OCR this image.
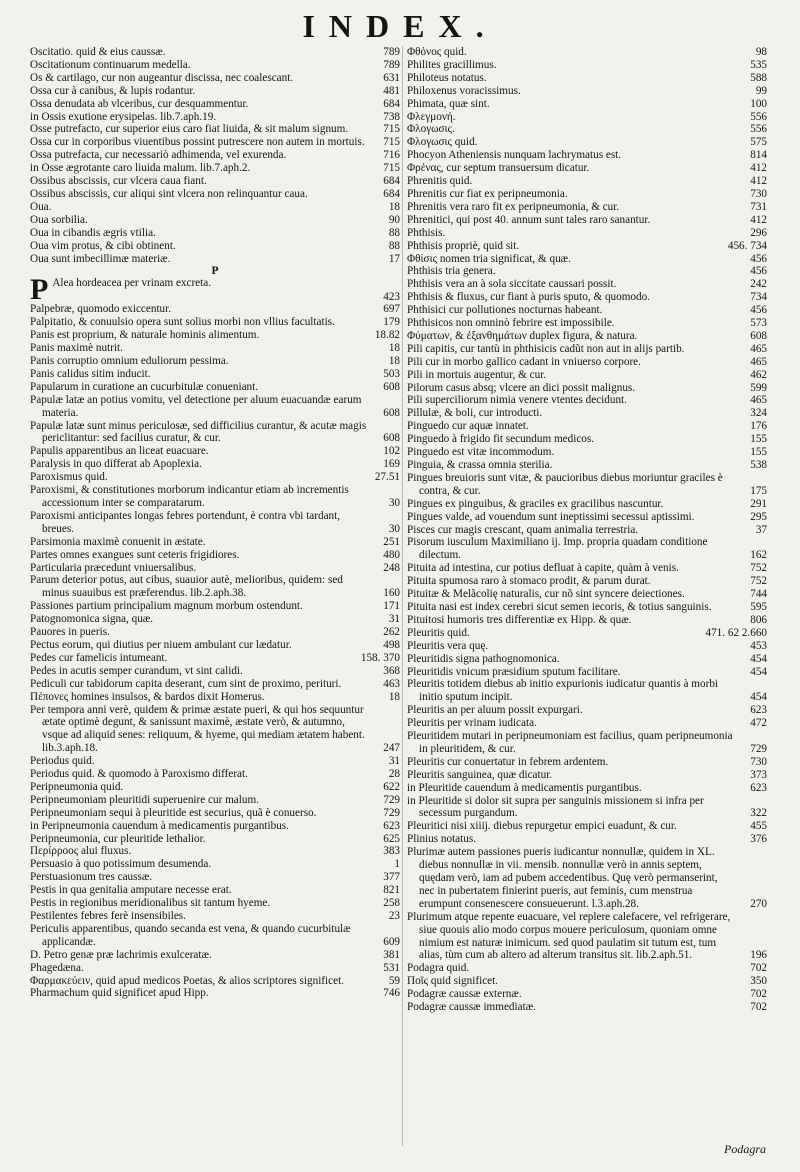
INDEX.
Oscitatio. quid & eius caussæ.	789
Oscitationum continuarum medella.	789
Os & cartilago, cur non augeantur discissa, nec coalescant.	631
Ossa cur à canibus, & lupis rodantur.	481
Ossa denudata ab vlceribus, cur desquammentur.	684
in Ossis exutione erysipelas. lib.7.aph.19.	738
Osse putrefacto, cur superior eius caro fiat liuida, & sit malum signum.	715
Ossa cur in corporibus viuentibus possint putrescere non autem in mortuis.	715
Ossa putrefacta, cur necessariò adhimenda, vel exurenda.	716
in Osse ægrotante caro liuida malum. lib.7.aph.2.	715
Ossibus abscissis, cur vlcera caua fiant.	684
Ossibus abscissis, cur aliqui sint vlcera non relinquantur caua.	684
Oua.	18
Oua sorbilia.	90
Oua in cibandis ægris vtilia.	88
Oua vim protus, & cibi obtinent.	88
Oua sunt imbecillimæ materiæ.	17
P
P Alea hordeacea per vrinam excreta.
423
Palpebræ, quomodo exiccentur.	697
Palpitatio, & conuulsio opera sunt solius morbi non vllius facultatis.	179
Panis est proprium, & naturale hominis alimentum.	18.82
Panis maximè nutrit.	18
Panis corruptio omnium eduliorum pessima.	18
Panis calidus sitim inducit.	503
Papularum in curatione an cucurbitulæ conueniant.	608
Papulæ latæ an potius vomitu, vel detectione per aluum euacuandæ earum materia.	608
Papulæ latæ sunt minus periculosæ, sed difficilius curantur, & acutæ magis periclitantur: sed facilius curatur, & cur.	608
Papulis apparentibus an liceat euacuare.	102
Paralysis in quo differat ab Apoplexia.	169
Paroxismus quid.	27.51
Paroxismi, & constitutiones morborum indicantur etiam ab incrementis accessionum inter se comparatarum.	30
Paroxismi anticipantes longas febres portendunt, è contra vbi tardant, breues.	30
Parsimonia maximè conuenit in æstate.	251
Partes omnes exangues sunt ceteris frigidiores.	480
Particularia præcedunt vniuersalibus.	248
Parum deterior potus, aut cibus, suauior autè, melioribus, quidem: sed minus suauibus est præferendus. lib.2.aph.38.	160
Passiones partium principalium magnum morbum ostendunt.	171
Patognomonica signa, quæ.	31
Pauores in pueris.	262
Pectus eorum, qui diutius per niuem ambulant cur lædatur.	498
Pedes cur famelicis intumeant.	158. 370
Pedes in acutis semper curandum, vt sint calidi.	368
Pediculi cur tabidorum capita deserant, cum sint de proximo, perituri.	463
Πέπονες homines insulsos, & bardos dixit Homerus.	18
Per tempora anni verè, quidem & primæ æstate pueri, & qui hos sequuntur ætate optimè degunt, & sanissunt maximè, æstate verò, & autumno, vsque ad aliquid senes: reliquum, & hyeme, qui mediam ætatem habent. lib.3.aph.18.	247
Periodus quid.	31
Periodus quid. & quomodo à Paroxismo differat.	28
Peripneumonia quid.	622
Peripneumoniam pleuritidi superuenire cur malum.	729
Peripneumoniam sequi à pleuritide est securius, quã è conuerso.	729
in Peripneumonia cauendum à medicamentis purgantibus.	623
Peripneumonia, cur pleuritide lethalior.	625
Περίρροος alui fluxus.	383
Persuasio à quo potissimum desumenda.	1
Perstuasionum tres caussæ.	377
Pestis in qua genitalia amputare necesse erat.	821
Pestis in regionibus meridionalibus sit tantum hyeme.	258
Pestilentes febres ferè insensibiles.	23
Periculis apparentibus, quando secanda est vena, & quando cucurbitulæ applicandæ.	609
D. Petro genæ præ lachrimis exulceratæ.	381
Phagedæna.	531
Φαρμακεύειν, quid apud medicos Poetas, & alios scriptores significet.	59
Pharmachum quid significet apud Hipp.	746
Φθόνος quid.	98
Philites gracillimus.	535
Philoteus notatus.	588
Philoxenus voracissimus.	99
Phimata, quæ sint.	100
Φλεγμονή.	556
Φλογωσις.	556
Φλογωσις quid.	575
Phocyon Atheniensis nunquam lachrymatus est.	814
Φρένας, cur septum transuersum dicatur.	412
Phrenitis quid.	412
Phrenitis cur fiat ex peripneumonia.	730
Phrenitis vera raro fit ex peripneumonia, & cur.	731
Phrenitici, qui post 40. annum sunt tales raro sanantur.	412
Phthisis.	296
Phthisis propriè, quid sit.	456. 734
Φθίσις nomen tria significat, & quæ.	456
Phthisis tria genera.	456
Phthisis vera an à sola siccitate caussari possit.	242
Phthisis & fluxus, cur fiant à puris sputo, & quomodo.	734
Phthisici cur pollutiones nocturnas habeant.	456
Phthisicos non omninò febrire est impossibile.	573
Φύματων, & ἐξανθημάτων duplex figura, & natura.	608
Pili capitis, cur tantù in phthisicis cadũt non aut in alijs partib.	465
Pili cur in morbo gallico cadant in vniuerso corpore.	465
Pili in mortuis augentur, & cur.	462
Pilorum casus absq; vlcere an dici possit malignus.	599
Pili superciliorum nimia venere vtentes decidunt.	465
Pillulæ, & boli, cur introducti.	324
Pinguedo cur aquæ innatet.	176
Pinguedo à frigido fit secundum medicos.	155
Pinguedo est vitæ incommodum.	155
Pinguia, & crassa omnia sterilia.	538
Pingues breuioris sunt vitæ, & paucioribus diebus moriuntur graciles è contra, & cur.	175
Pingues ex pinguibus, & graciles ex gracilibus nascuntur.	291
Pingues valde, ad vouendum sunt ineptissimi secessui aptissimi.	295
Pisces cur magis crescant, quam animalia terrestria.	37
Pisorum iusculum Maximiliano ij. Imp. propria quadam conditione dilectum.	162
Pituita ad intestina, cur potius defluat à capite, quàm à venis.	752
Pituita spumosa raro à stomaco prodit, & parum durat.	752
Pituitæ & Melãcolię naturalis, cur nõ sint syncere deiectiones.	744
Pituita nasi est index cerebri sicut semen iecoris, & totius sanguinis.	595
Pituitosi humoris tres differentiæ ex Hipp. & quæ.	806
Pleuritis quid.	471. 62 2.660
Pleuritis vera quę.	453
Pleuritidis signa pathognomonica.	454
Pleuritidis vnicum præsidium sputum facilitare.	454
Pleuritis totidem diebus ab initio expurionis iudicatur quantis à morbi initio sputum incipit.	454
Pleuritis an per aluum possit expurgari.	623
Pleuritis per vrinam iudicata.	472
Pleuritidem mutari in peripneumoniam est facilius, quam peripneumonia in pleuritidem, & cur.	729
Pleuritis cur conuertatur in febrem ardentem.	730
Pleuritis sanguinea, quæ dicatur.	373
in Pleuritide cauendum à medicamentis purgantibus.	623
in Pleuritide si dolor sit supra per sanguinis missionem si infra per secessum purgandum.	322
Pleuritici nisi xiiij. diebus repurgetur empici euadunt, & cur.	455
Plinius notatus.	376
Plurimæ autem passiones pueris iudicantur nonnullæ, quidem in XL. diebus nonnullæ in vii. mensib. nonnullæ verò in annis septem, quędam verò, iam ad pubem accedentibus. Quę verò permanserint, nec in pubertatem finierint pueris, aut feminis, cum menstrua erumpunt consenescere consueuerunt. l.3.aph.28.	270
Plurimum atque repente euacuare, vel replere calefacere, vel refrigerare, siue quouis alio modo corpus mouere periculosum, quoniam omne nimium est naturæ inimicum. sed quod paulatim sit tutum est, tum alias, tùm cum ab altero ad alterum transitus sit. lib.2.aph.51.	196
Podagra quid.	702
Ποῖς quid significet.	350
Podagræ caussæ externæ.	702
Podagræ caussæ immediatæ.	702
Podagra
